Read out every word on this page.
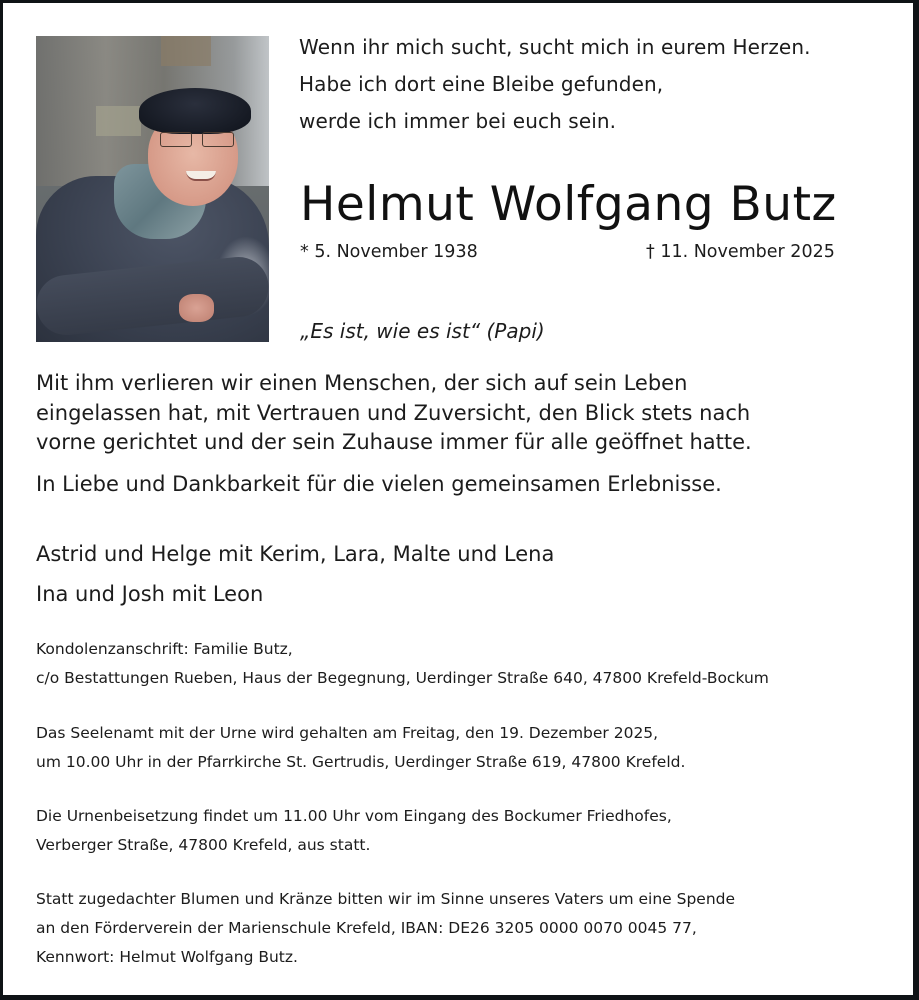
Wenn ihr mich sucht, sucht mich in eurem Herzen.
Habe ich dort eine Bleibe gefunden,
werde ich immer bei euch sein.
Helmut Wolfgang Butz
* 5. November 1938	† 11. November 2025
„Es ist, wie es ist“ (Papi)

Mit ihm verlieren wir einen Menschen, der sich auf sein Leben

eingelassen hat, mit Vertrauen und Zuversicht, den Blick stets nach

vorne gerichtet und der sein Zuhause immer für alle geöffnet hatte.

In Liebe und Dankbarkeit für die vielen gemeinsamen Erlebnisse.
Astrid und Helge mit Kerim, Lara, Malte und Lena
Ina und Josh mit Leon
Kondolenzanschrift: Familie Butz,
c/o Bestattungen Rueben, Haus der Begegnung, Uerdinger Straße 640, 47800 Krefeld-Bockum
Das Seelenamt mit der Urne wird gehalten am Freitag, den 19. Dezember 2025,
um 10.00 Uhr in der Pfarrkirche St. Gertrudis, Uerdinger Straße 619, 47800 Krefeld.
Die Urnenbeisetzung findet um 11.00 Uhr vom Eingang des Bockumer Friedhofes,
Verberger Straße, 47800 Krefeld, aus statt.
Statt zugedachter Blumen und Kränze bitten wir im Sinne unseres Vaters um eine Spende
an den Förderverein der Marienschule Krefeld, IBAN: DE26 3205 0000 0070 0045 77,
Kennwort: Helmut Wolfgang Butz.
